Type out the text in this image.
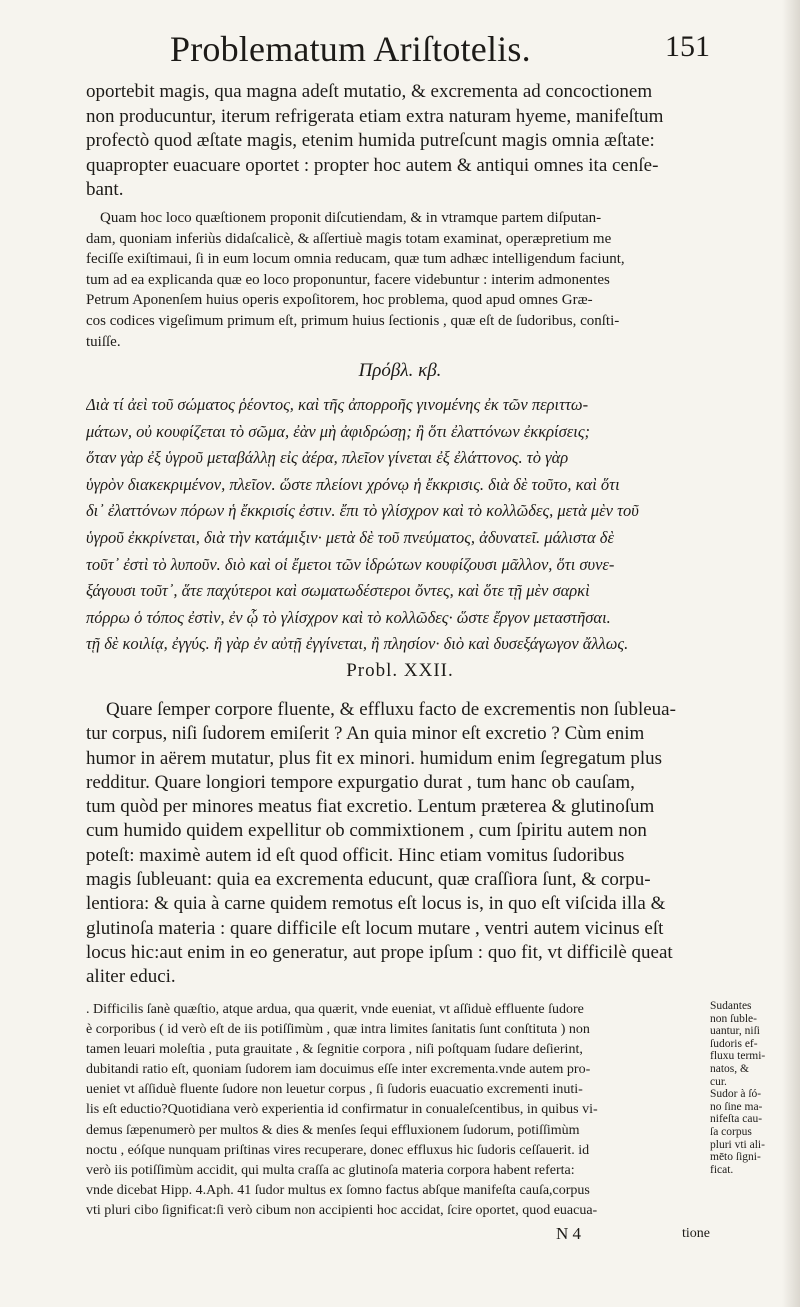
Problematum Ariſtotelis.	151
oportebit magis, qua magna adeſt mutatio, & excrementa ad concoctionem
non producuntur, iterum refrigerata etiam extra naturam hyeme, manifeſtum
profectò quod æſtate magis, etenim humida putreſcunt magis omnia æſtate:
quapropter euacuare oportet : propter hoc autem & antiqui omnes ita cenſe-
bant.
Quam hoc loco quæſtionem proponit diſcutiendam, & in vtramque partem diſputan-
dam, quoniam inferiùs didaſcalicè, & aſſertiuè magis totam examinat, operæpretium me
feciſſe exiſtimaui, ſi in eum locum omnia reducam, quæ tum adhæc intelligendum faciunt,
tum ad ea explicanda quæ eo loco proponuntur, facere videbuntur : interim admonentes
Petrum Aponenſem huius operis expoſitorem, hoc problema, quod apud omnes Græ-
cos codices vigeſimum primum eſt, primum huius ſectionis , quæ eſt de ſudoribus, conſti-
tuiſſe.
Πρόβλ. κβ.
Διὰ τί ἀεὶ τοῦ σώματος ῥέοντος, καὶ τῆς ἀπορροῆς γινομένης ἐκ τῶν περιττω-
μάτων, οὐ κουφίζεται τὸ σῶμα, ἐὰν μὴ ἀφιδρώσῃ; ἢ ὅτι ἐλαττόνων ἐκκρίσεις;
ὅταν γὰρ ἐξ ὑγροῦ μεταβάλλῃ εἰς ἀέρα, πλεῖον γίνεται ἐξ ἐλάττονος. τὸ γὰρ
ὑγρὸν διακεκριμένον, πλεῖον. ὥστε πλείονι χρόνῳ ἡ ἔκκρισις. διὰ δὲ τοῦτο, καὶ ὅτι
δι᾽ ἐλαττόνων πόρων ἡ ἔκκρισίς ἐστιν. ἔπι τὸ γλίσχρον καὶ τὸ κολλῶδες, μετὰ μὲν τοῦ
ὑγροῦ ἐκκρίνεται, διὰ τὴν κατάμιξιν· μετὰ δὲ τοῦ πνεύματος, ἀδυνατεῖ. μάλιστα δὲ
τοῦτ᾽ ἐστὶ τὸ λυποῦν. διὸ καὶ οἱ ἔμετοι τῶν ἱδρώτων κουφίζουσι μᾶλλον, ὅτι συνε-
ξάγουσι τοῦτ᾽, ἅτε παχύτεροι καὶ σωματωδέστεροι ὄντες, καὶ ὅτε τῇ μὲν σαρκὶ
πόρρω ὁ τόπος ἐστὶν, ἐν ᾧ τὸ γλίσχρον καὶ τὸ κολλῶδες· ὥστε ἔργον μεταστῆσαι.
τῇ δὲ κοιλίᾳ, ἐγγύς. ἢ γὰρ ἐν αὐτῇ ἐγγίνεται, ἢ πλησίον· διὸ καὶ δυσεξάγωγον ἄλλως.
Probl. XXII.
Quare ſemper corpore fluente, & effluxu facto de excrementis non ſubleua-
tur corpus, niſi ſudorem emiſerit ? An quia minor eſt excretio ? Cùm enim
humor in aërem mutatur, plus fit ex minori. humidum enim ſegregatum plus
redditur. Quare longiori tempore expurgatio durat , tum hanc ob cauſam,
tum quòd per minores meatus fiat excretio. Lentum præterea & glutinoſum
cum humido quidem expellitur ob commixtionem , cum ſpiritu autem non
poteſt: maximè autem id eſt quod officit. Hinc etiam vomitus ſudoribus
magis ſubleuant: quia ea excrementa educunt, quæ craſſiora ſunt, & corpu-
lentiora: & quia à carne quidem remotus eſt locus is, in quo eſt viſcida illa &
glutinoſa materia : quare difficile eſt locum mutare , ventri autem vicinus eſt
locus hic:aut enim in eo generatur, aut prope ipſum : quo fit, vt difficilè queat
aliter educi.
. Difficilis ſanè quæſtio, atque ardua, qua quærit, vnde eueniat, vt aſſiduè effluente ſudore
è corporibus ( id verò eſt de iis potiſſimùm , quæ intra limites ſanitatis ſunt conſtituta ) non
tamen leuari moleſtia , puta grauitate , & ſegnitie corpora , niſi poſtquam ſudare deſierint,
dubitandi ratio eſt, quoniam ſudorem iam docuimus eſſe inter excrementa.vnde autem pro-
ueniet vt aſſiduè fluente ſudore non leuetur corpus , ſi ſudoris euacuatio excrementi inuti-
lis eſt eductio?Quotidiana verò experientia id confirmatur in conualeſcentibus, in quibus vi-
demus ſæpenumerò per multos & dies & menſes ſequi effluxionem ſudorum, potiſſimùm
noctu , eóſque nunquam priſtinas vires recuperare, donec effluxus hic ſudoris ceſſauerit. id
verò iis potiſſimùm accidit, qui multa craſſa ac glutinoſa materia corpora habent referta:
vnde dicebat Hipp. 4.Aph. 41 ſudor multus ex ſomno factus abſque manifeſta cauſa,corpus
vti pluri cibo ſignificat:ſi verò cibum non accipienti hoc accidat, ſcire oportet, quod euacua-
Sudantes
non ſuble-
uantur, niſi
ſudoris ef-
fluxu termi-
natos, &
cur.
Sudor à ſó-
no ſine ma-
nifeſta cau-
ſa corpus
pluri vti ali-
mēto ſigni-
ficat.
N 4	tione
